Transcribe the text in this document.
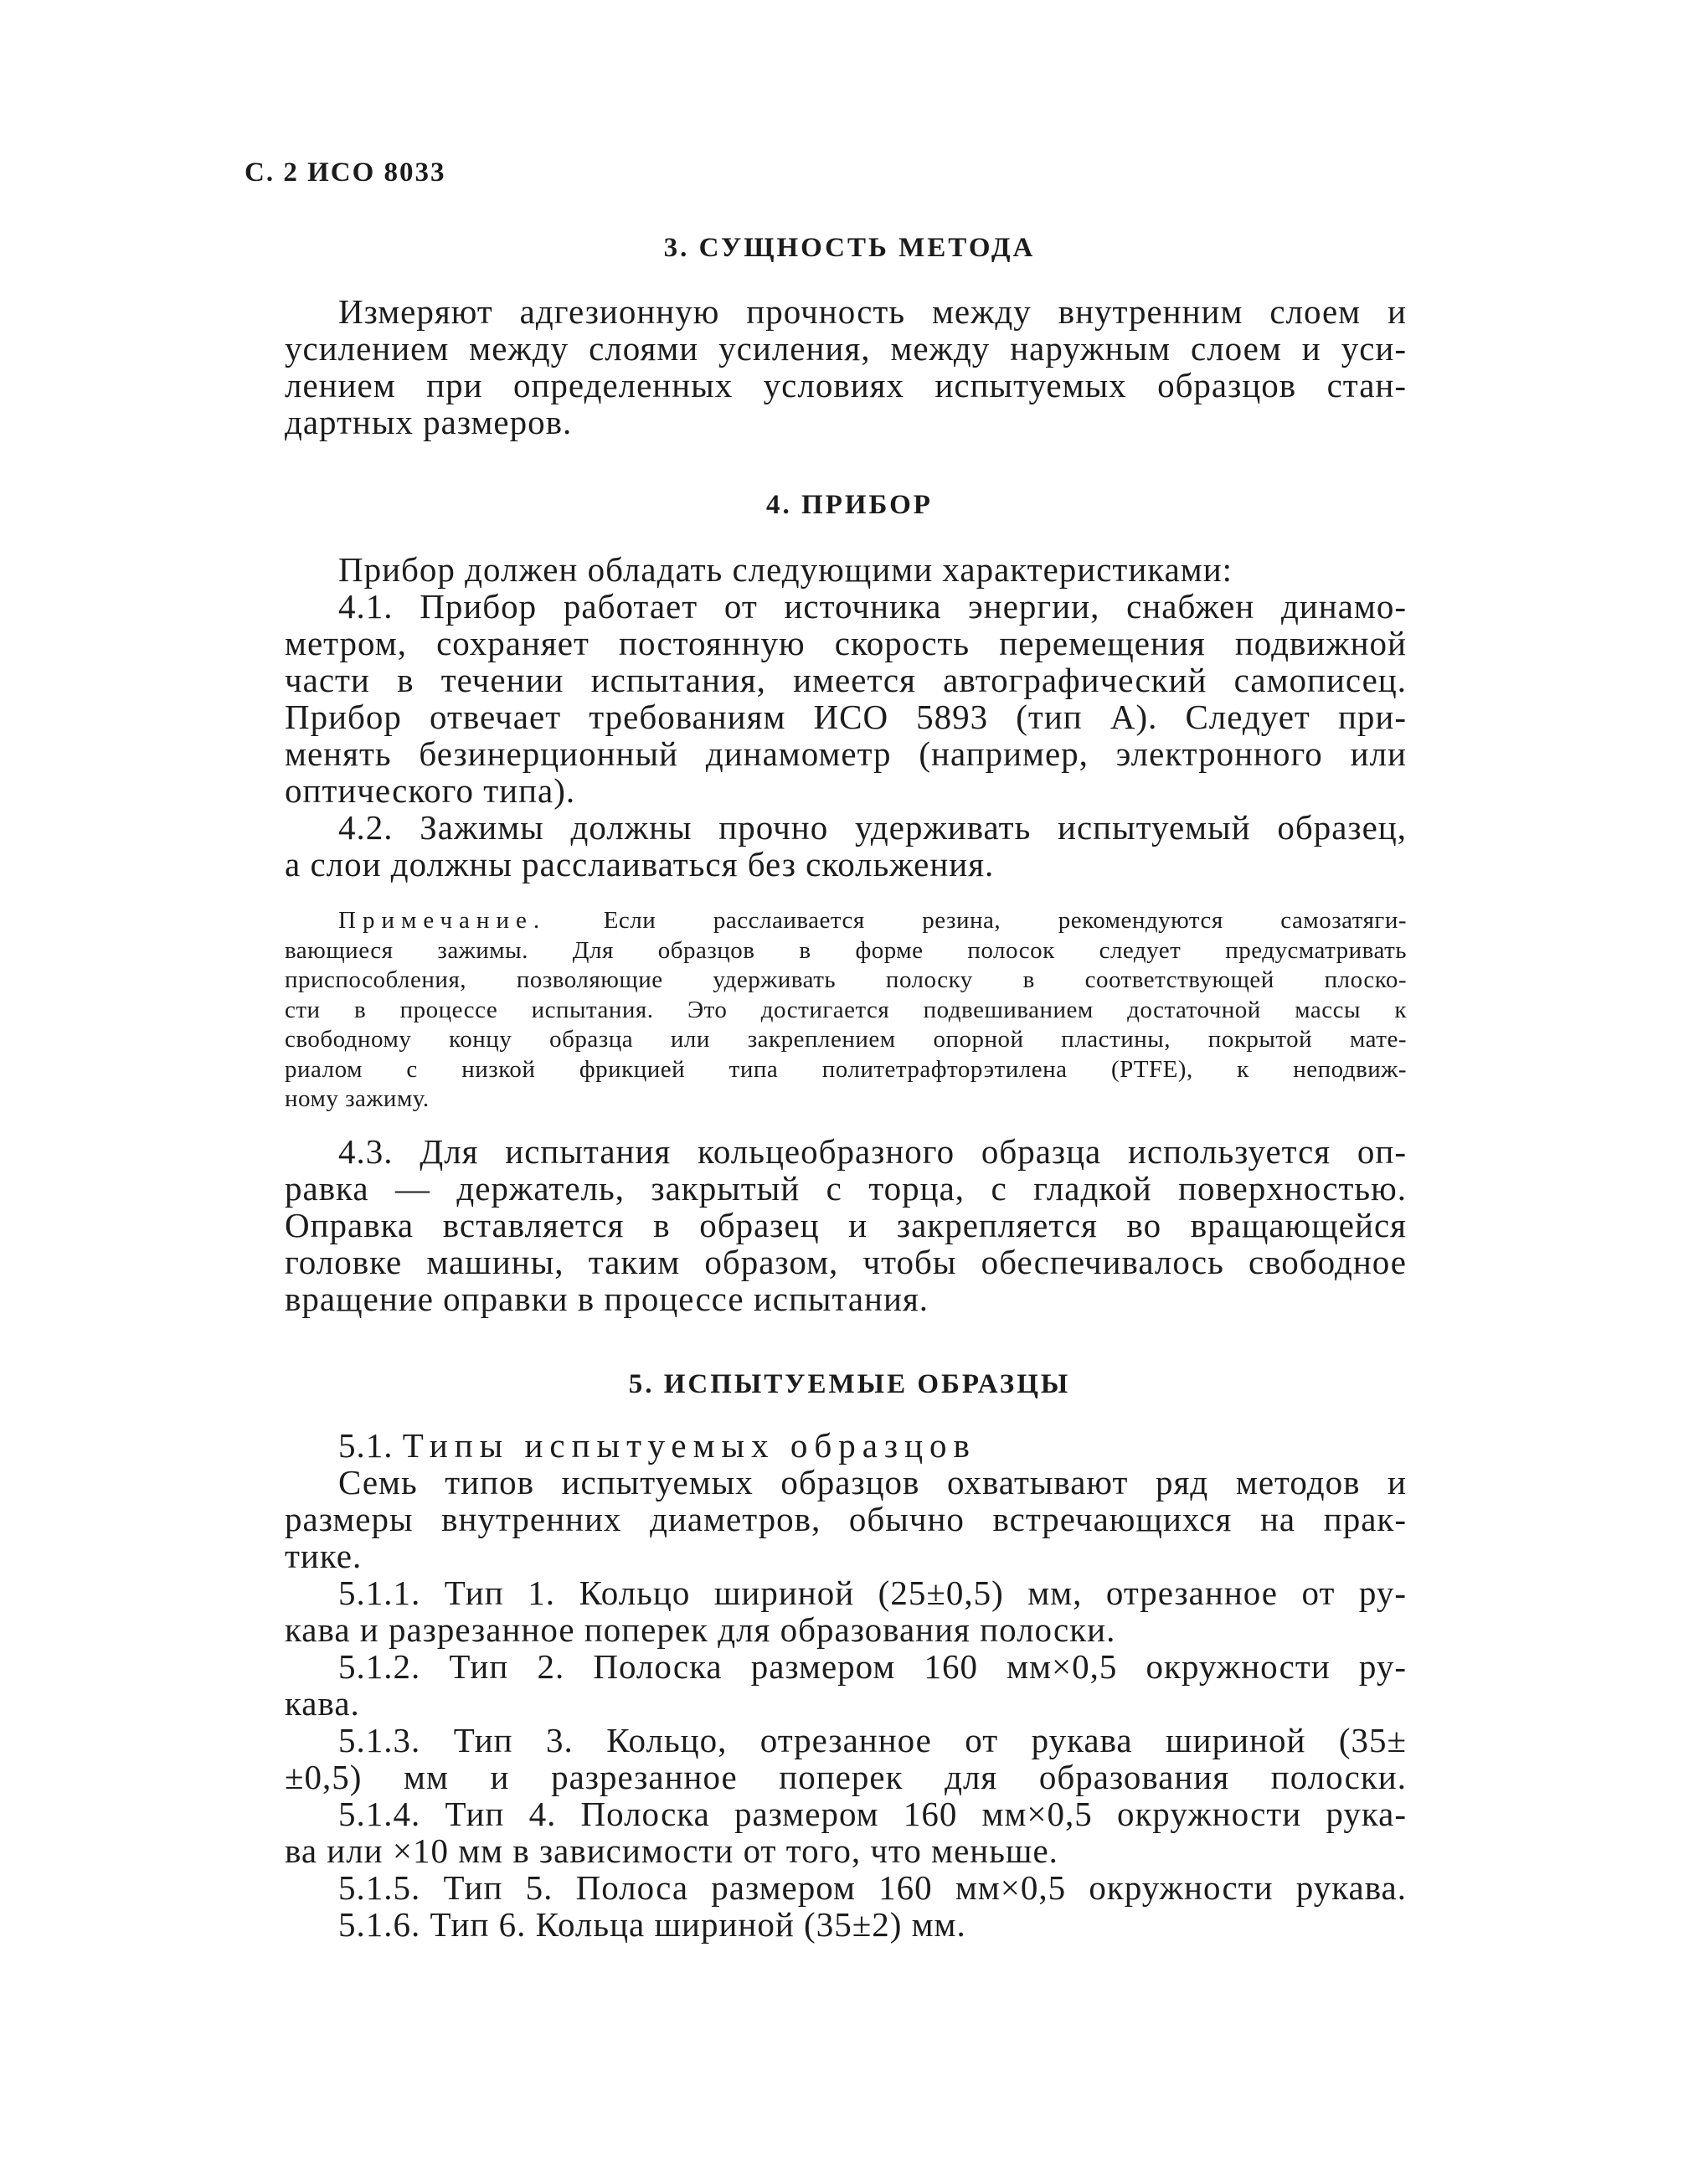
С. 2 ИСО 8033
3. СУЩНОСТЬ МЕТОДА
Измеряют адгезионную прочность между внутренним слоем и
усилением между слоями усиления, между наружным слоем и уси-
лением при определенных условиях испытуемых образцов стан-
дартных размеров.
4. ПРИБОР
Прибор должен обладать следующими характеристиками:
4.1. Прибор работает от источника энергии, снабжен динамо-
метром, сохраняет постоянную скорость перемещения подвижной
части в течении испытания, имеется автографический самописец.
Прибор отвечает требованиям ИСО 5893 (тип А). Следует при-
менять безинерционный динамометр (например, электронного или
оптического типа).
4.2. Зажимы должны прочно удерживать испытуемый образец,
а слои должны расслаиваться без скольжения.
Примечание. Если расслаивается резина, рекомендуются самозатяги-
вающиеся зажимы. Для образцов в форме полосок следует предусматривать
приспособления, позволяющие удерживать полоску в соответствующей плоско-
сти в процессе испытания. Это достигается подвешиванием достаточной массы к
свободному концу образца или закреплением опорной пластины, покрытой мате-
риалом с низкой фрикцией типа политетрафторэтилена (PTFE), к неподвиж-
ному зажиму.
4.3. Для испытания кольцеобразного образца используется оп-
равка — держатель, закрытый с торца, с гладкой поверхностью.
Оправка вставляется в образец и закрепляется во вращающейся
головке машины, таким образом, чтобы обеспечивалось свободное
вращение оправки в процессе испытания.
5. ИСПЫТУЕМЫЕ ОБРАЗЦЫ
5.1. Типы испытуемых образцов
Семь типов испытуемых образцов охватывают ряд методов и
размеры внутренних диаметров, обычно встречающихся на прак-
тике.
5.1.1. Тип 1. Кольцо шириной (25±0,5) мм, отрезанное от ру-
кава и разрезанное поперек для образования полоски.
5.1.2. Тип 2. Полоска размером 160 мм×0,5 окружности ру-
кава.
5.1.3. Тип 3. Кольцо, отрезанное от рукава шириной (35±
±0,5) мм и разрезанное поперек для образования полоски.
5.1.4. Тип 4. Полоска размером 160 мм×0,5 окружности рука-
ва или ×10 мм в зависимости от того, что меньше.
5.1.5. Тип 5. Полоса размером 160 мм×0,5 окружности рукава.
5.1.6. Тип 6. Кольца шириной (35±2) мм.
